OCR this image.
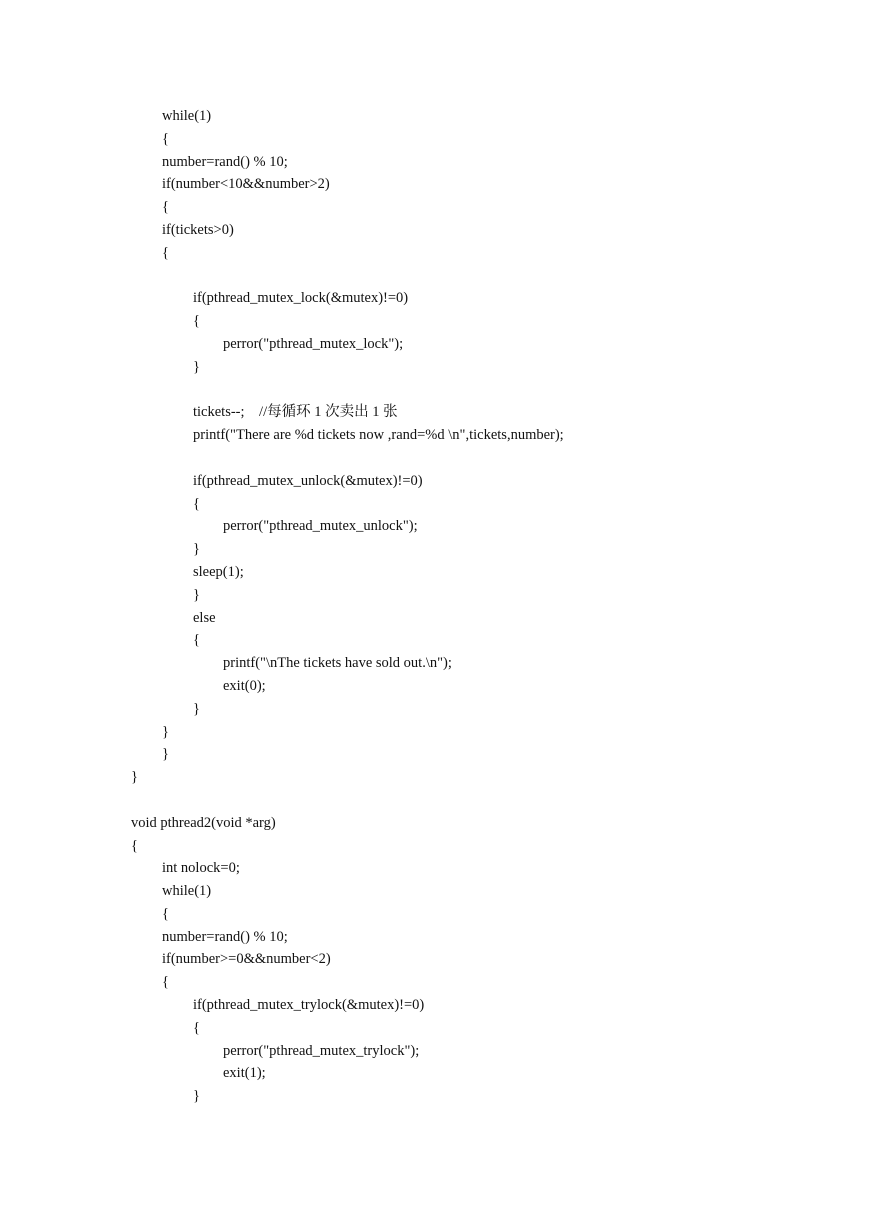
while(1)
{
number=rand() % 10;
if(number<10&&number>2)
{
if(tickets>0)
{
if(pthread_mutex_lock(&mutex)!=0)
{
perror("pthread_mutex_lock");
}
tickets--;    //每循环 1 次卖出 1 张
printf("There are %d tickets now ,rand=%d \n",tickets,number);
if(pthread_mutex_unlock(&mutex)!=0)
{
perror("pthread_mutex_unlock");
}
sleep(1);
}
else
{
printf("\nThe tickets have sold out.\n");
exit(0);
}
}
}
}
void pthread2(void *arg)
{
int nolock=0;
while(1)
{
number=rand() % 10;
if(number>=0&&number<2)
{
if(pthread_mutex_trylock(&mutex)!=0)
{
perror("pthread_mutex_trylock");
exit(1);
}
